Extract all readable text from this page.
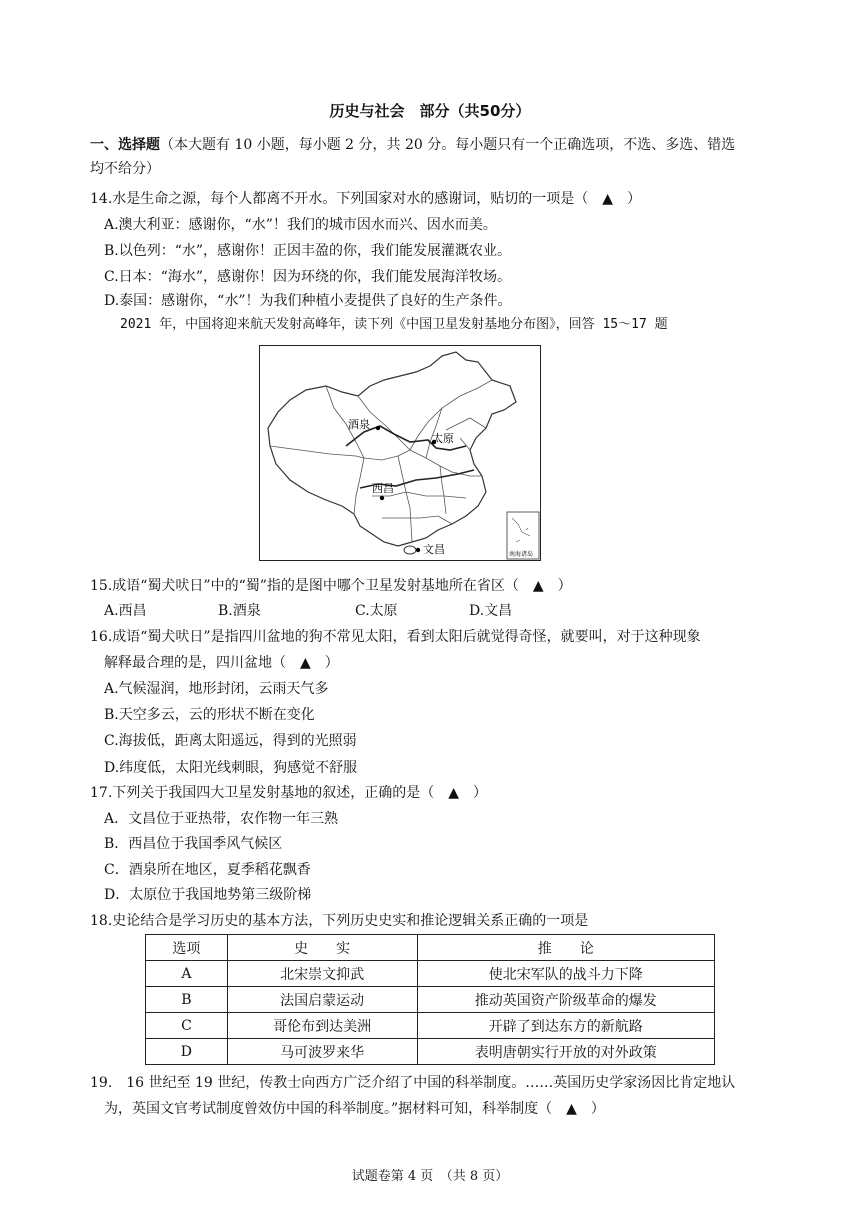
历史与社会　部分（共50分）
一、选择题（本大题有 10 小题，每小题 2 分，共 20 分。每小题只有一个正确选项，不选、多选、错选
均不给分）
14.水是生命之源，每个人都离不开水。下列国家对水的感谢词，贴切的一项是（　▲　）
A.澳大利亚：感谢你，“水”！我们的城市因水而兴、因水而美。
B.以色列：“水”，感谢你！正因丰盈的你，我们能发展灌溉农业。
C.日本：“海水”，感谢你！因为环绕的你，我们能发展海洋牧场。
D.泰国：感谢你，“水”！为我们种植小麦提供了良好的生产条件。
2021 年，中国将迎来航天发射高峰年，读下列《中国卫星发射基地分布图》，回答 15～17 题
酒泉
太原
西昌
文昌	南海诸岛
15.成语“蜀犬吠日”中的“蜀”指的是图中哪个卫星发射基地所在省区（　▲　）
A.西昌	B.酒泉	C.太原	D.文昌
16.成语“蜀犬吠日”是指四川盆地的狗不常见太阳，看到太阳后就觉得奇怪，就要叫，对于这种现象
解释最合理的是，四川盆地（　▲　）
A.气候湿润，地形封闭，云雨天气多
B.天空多云，云的形状不断在变化
C.海拔低，距离太阳遥远，得到的光照弱
D.纬度低，太阳光线刺眼，狗感觉不舒服
17.下列关于我国四大卫星发射基地的叙述，正确的是（　▲　）
A．文昌位于亚热带，农作物一年三熟
B．西昌位于我国季风气候区
C．酒泉所在地区，夏季稻花飘香
D．太原位于我国地势第三级阶梯
18.史论结合是学习历史的基本方法，下列历史史实和推论逻辑关系正确的一项是
选项	史　　实	推　　论
A	北宋崇文抑武	使北宋军队的战斗力下降
B	法国启蒙运动	推动英国资产阶级革命的爆发
C	哥伦布到达美洲	开辟了到达东方的新航路
D	马可波罗来华	表明唐朝实行开放的对外政策
19.　16 世纪至 19 世纪，传教士向西方广泛介绍了中国的科举制度。……英国历史学家汤因比肯定地认
为，英国文官考试制度曾效仿中国的科举制度。”据材料可知，科举制度（　▲　）
试题卷第 4 页　（共 8 页）
